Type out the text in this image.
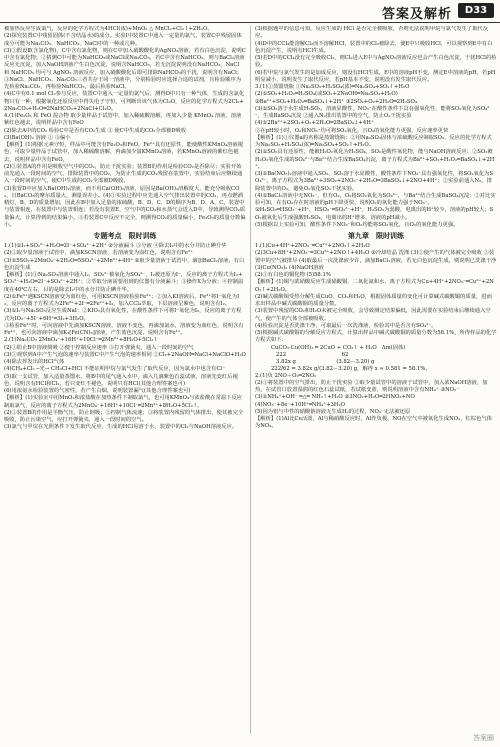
答案及解析	D33

被加热反应生成氯气，反应的化学方程式为4HCl(浓)+MnO₂ △ MnCl₂+Cl₂↑+2H₂O。

(2)探究装置C中残留固体(不含结晶水)的成分。实验Ⅰ中装置C中通入一定量的氯气，装置C中残留固体成分可能为Na₂CO₃、NaHCO₃、NaCl中的一种或几种。

(3)①假设Ⅱ(含氯化物)，C中含有氯化物，则在C中加入硝酸酸化的AgNO₃溶液，若有白色沉淀，说明C中含有氯化物；②猜测C中可能为NaHCO₃或NaCl或Na₂CO₃，若C中含有NaHCO₃，则与BaCl₂溶液反应无沉淀，加入NaOH溶液产生白色沉淀，说明含NaHCO₃，若无沉淀说明没有NaHCO₃，NaCl 和 NaHCO₃ 均可与 AgNO₃ 溶液反应，加入硝酸酸化后即可排除NaHCO₃的干扰，说明含有NaCl；③NaCl、NaHCO₃、Na₂CO₃三者共存于同一溶液中，分别检验时应选择合适的试剂，且检验顺序为先检验Na₂CO₃，再检验NaHCO₃，最后检验NaCl。

(4)C中有0.1 mol Cl₂参与反应，装置C中通入一定量的氯气后，测得D中只有一种气体，生成的含氯化物只有一种，根据氧化还原反应中得失电子守恒，可判断出该气体为Cl₂O，反应的化学方程式为2Cl₂+2Na₂CO₃+H₂O═2NaHCO₃+2NaCl+Cl₂O。

4.(1)Fe₂O₃ 和 FeO 混合物 取少量样品于试管中，加入稀硫酸溶解，再加入少量 KMnO₄ 溶液，溶液紫红色褪去，说明样品中含有FeO

(2)除去A中的CO₂ 检验C中是否有CO₂生成 ③ 使C中生成的CO₂全部被D吸收

(3)Ba(OH)₂ 溶液 ① ③偏小

【解析】(1)根据元素守恒，样品中可能含有Fe₂O₃和FeO，Fe²⁺具有还原性，能使酸性KMnO₄溶液褪色，可取少量样品于试管中，加入稀硫酸溶解，再滴加少量KMnO₄溶液，若KMnO₄溶液的紫红色褪去，说明样品中含有FeO。

(2)①装置A的作用是吸收空气中的CO₂，防止干扰实验；装置B的作用是检验CO₂是否除尽；实验开始前先通入一段时间的空气，排除装置中的CO₂，为防止生成的CO₂残留在装置中，实验结束后应继续通入一段时间的空气，使C中生成的CO₂全部被D吸收。

(3)装置D中应加入Ba(OH)₂溶液，而不用Ca(OH)₂溶液，原因是Ba(OH)₂溶解度大，能充分吸收CO₂，且BaCO₃的摩尔质量大，测量误差小。(4)①实验过程中应先通入空气排出装置中的CO₂，再点燃酒精灯，B、D的质量增加，因此在B中加入足量的浓硫酸，B、D、C、D的顺序为B、D、A、C，装置中与装置相连，在装置中与装置相连；若没有装置E，空气中的CO₂和水蒸气会进入D中，导致测得CO₂质量偏大，计算得到的结果偏小。③若装置C中反应不完全，则测得CO₂的质量偏小，Fe₂O₃的质量分数偏小。

专题考点　限时训练

1.(1)①I₂+SO₂²⁻+H₂O═2I⁻+SO₄²⁻+2H⁺ ②分液漏斗 ③分液 ④除去I₂中的水分并防止碘升华

(2)①取少量溶液于试管中，滴加KSCN溶液，若溶液变为血红色，说明含有Fe³⁺

(3)①5SO₂+2MnO₄⁻+2H₂O═5SO₄²⁻+2Mn²⁺+4H⁺ ②取少量溶液于试管中，滴加BaCl₂溶液，有白色沉淀生成

【解析】(1)①Na₂SO₃溶液中通入I₂，SO₃²⁻被氧化为SO₄²⁻，I₂被还原为I⁻，反应的离子方程式为I₂+SO₃²⁻+H₂O═2I⁻+SO₄²⁻+2H⁺；②萃取分液需要用到的仪器有分液漏斗；③操作X为分液；④控制温度在40℃左右，目的是除去I₂中的水分并防止碘升华。

(2)①Fe³⁺遇KSCN溶液变为血红色，可用KSCN溶液检验Fe³⁺；②加入KI溶液后，Fe³⁺将I⁻氧化为I₂，反应的离子方程式为2Fe³⁺+2I⁻═2Fe²⁺+I₂，加入CCl₄萃取，下层溶液呈紫色，说明含有I₂。

(3)①I₂与Na₂SO₃反应生成NaI；②KIO₃具有氧化性，在酸性条件下可将I⁻氧化为I₂，反应的离子方程式为IO₃⁻+5I⁻+6H⁺═3I₂+3H₂O。

③检验Fe²⁺时，可向溶液中先滴加KSCN溶液，溶液不变色，再滴加氯水，溶液变为血红色，说明含有Fe²⁺，也可向溶液中滴加K₃[Fe(CN)₆]溶液，产生蓝色沉淀，说明含有Fe²⁺。

2.(1)Na₂CO₃ 2MnO₄⁻+16H⁺+10Cl⁻═2Mn²⁺+8H₂O+5Cl₂↑

(2)①防止B中溶液倒吸 ②便于控制反应速率 ③打开弹簧夹，通入一段时间的空气

(3)①观察到A中产生气泡的速率与装置C中产生气泡的速率相同 ②Cl₂+2NaOH═NaCl+NaClO+H₂O

(4)除去挥发出的HCl气体

(4)CH₄+Cl₂ ─光→ CH₃Cl+HCl 不能证明甲烷与氯气发生了取代反应，因为氯水中也含有Cl⁻

(5)取一支试管，加入适量蒸馏水，将B中的尾气通入水中，滴入几滴紫色石蕊试液，溶液先变红后褪色，说明含有HCl和Cl₂，若只变红不褪色，说明只有HCl(其他合理答案也可)

(6)用浓氨水检验装置的气密性，若产生白烟，说明装置漏气(其他合理答案也可)

【解析】(1)实验室中用MnO₂和浓盐酸在加热条件下制取氯气，也可用KMnO₄与浓盐酸在常温下反应制取氯气，反应的离子方程式为2MnO₄⁻+16H⁺+10Cl⁻═2Mn²⁺+8H₂O+5Cl₂↑。

(2)①装置B的作用是平衡气压，防止倒吸；②控制气体流速；③将装置内残留的气体排出，使其被完全吸收，防止污染空气，应打开弹簧夹，通入一段时间的空气。

(3)氯气与甲烷在光照条件下发生取代反应，生成的HCl易溶于水，装置中的Cl₂与NaOH溶液反应。

(3)根据题中的信息可知，反应生成的 HCl 是否完全被吸收，否则无法说明甲烷与氯气发生了取代反应。

(4)D中的CCl₄能溶解Cl₂而不溶解HCl，装置中的Cl₂被除去，使E中只吸收HCl，可以观察到E中有白色沉淀产生，说明有HCl生成。

(5)若D中的CCl₄没有完全吸收Cl₂，则Cl₂进入E中与AgNO₃溶液反应也会产生白色沉淀，干扰HCl的检验。

(6)若甲烷与氯气发生的是加成反应，则没有HCl生成，E中的溶液pH不变，测定E中溶液的pH，若pH明显减小，说明发生了取代反应，若pH基本不变，说明没有发生取代反应。

3.(1)①蒸馏烧瓶 ②Na₂SO₃+H₂SO₄(浓)═Na₂SO₄+SO₂↑+H₂O

(2)①SO₂+H₂O₂═H₂SO₄(或SO₂+2NaOH═Na₂SO₃+H₂O)

②Ba²⁺+SO₂+H₂O₂═BaSO₄↓+2H⁺ ③2SO₂+O₂+2H₂O═2H₂SO₄

(3)①SO₂溶于水生成H₂SO₃，溶液显酸性，NO₃⁻在酸性条件下具有强氧化性，能将SO₂氧化为SO₄²⁻，生成BaSO₄沉淀 ②通入N₂排出装置中的空气，防止O₂干扰实验

(4)①2Ba²⁺+2SO₂+O₂+2H₂O═2BaSO₄↓+4H⁺

②在pH较小时，O₂和NO₃⁻均可将SO₂氧化，且O₂的氧化能力更强，反应速率更快

【解析】(1)①仪器a的名称是蒸馏烧瓶；②用Na₂SO₃固体与浓硫酸反应制取SO₂，反应的化学方程式为Na₂SO₃+H₂SO₄(浓)═Na₂SO₄+SO₂↑+H₂O。

(2)①SO₂具有还原性，能被H₂O₂氧化为H₂SO₄，SO₂是酸性氧化物，能与NaOH溶液反应；②SO₂被H₂O₂氧化生成的SO₄²⁻与Ba²⁺结合生成BaSO₄沉淀，离子方程式为Ba²⁺+SO₂+H₂O₂═BaSO₄↓+2H⁺。

(3)①Ba(NO₃)₂溶液中通入SO₂，SO₂溶于水显酸性，酸性条件下NO₃⁻具有强氧化性，将SO₂氧化为SO₄²⁻，离子方程式为3Ba²⁺+3SO₂+2NO₃⁻+2H₂O═3BaSO₄↓+2NO+4H⁺；②实验前通入N₂，排除装置中的O₂，避免O₂氧化SO₂干扰实验。

(4)①BaCl₂溶液中无NO₃⁻，但有O₂，O₂将SO₂氧化为SO₄²⁻，与Ba²⁺结合生成BaSO₄沉淀；②对比实验可知，在有O₂存在时溶液的pH下降更快，说明O₂的氧化能力强于NO₃⁻。

②H₂SO₃═HSO₃⁻+H⁺，HSO₃⁻═SO₃²⁻+H⁺，H₂SO₃为弱酸，电离出的H⁺较少，溶液的pH较大；SO₂被氧化后生成强酸H₂SO₄，电离出的H⁺增多，溶液的pH减小。

(5)根据以上实验可知，酸性条件下NO₃⁻和O₂均能将SO₂氧化，且O₂的氧化能力更强。

第九章　限时训练

1.(1)Cu+4H⁺+2NO₃⁻═Cu²⁺+2NO₂↑+2H₂O

(2)3Cu+8H⁺+2NO₃⁻═3Cu²⁺+2NO↑+4H₂O ②冷却结晶 洗涤 (3)①使产生的气体被完全吸收 ②装置中的空气被排尽 (4)取最后一次洗涤液少许，滴加BaCl₂溶液，若无白色沉淀生成，则说明已洗涤干净

(3)Cu(NO₃)₂ (4)NaOH溶液

(2)①有白色的铜化物 (5)58.1%

【解析】(1)铜与浓硝酸反应生成硝酸铜、二氧化氮和水，离子方程式为Cu+4H⁺+2NO₃⁻═Cu²⁺+2NO₂↑+2H₂O。

(2)碱式碳酸铜受热分解生成CuO、CO₂和H₂O，根据固体质量的变化可计算碱式碳酸铜的质量，进而求出样品中碱式碳酸铜的质量分数。

(3)装置中残留的CO₂和H₂O未被完全吸收，会导致测定结果偏低，因此需要在实验结束后继续通入空气，使产生的气体全部被吸收。

(4)检验沉淀是否洗涤干净，可取最后一次洗涤液，检验其中是否含有SO₄²⁻。

(5)根据碱式碳酸铜的分解反应方程式，计算出样品中碱式碳酸铜的质量分数为58.1%，所得样品的化学方程式如下：

CuCO₃·Cu(OH)₂ ═ 2CuO + CO₂↑ + H₂O   Δm(固体)

222                                 62

3.82x g                        (3.82－3.20) g

222/62 = 3.82x g/(3.82－3.20) g，解得 x ≈ 0.581 = 58.1%。

2.(1)负 2NO＋O₂═2NO₂

(2)①将装置中的空气排出，防止干扰实验 ②取少量试管中的溶液于试管中，加入浓NaOH溶液，加热，在试管口放置湿润的红色石蕊试纸，若试纸变蓝，则说明溶液中含有NH₄⁺ ③NO₃⁻

(3)①NH₄⁺+OH⁻ ═△═ NH₃↑+H₂O ②3NO₂+H₂O═2HNO₃+NO

(4)NO₃⁻+8e⁻+10H⁺═NH₄⁺+3H₂O

(5)因为铝与中性的硝酸钠溶液无生成H₂的过程，NO₃⁻无法被还原

【解析】(1)Al比Cu活泼，Al与稀硝酸反应时，Al作负极，NO在空气中被氧化生成NO₂，红棕色气体为NO₂。

答案圈
